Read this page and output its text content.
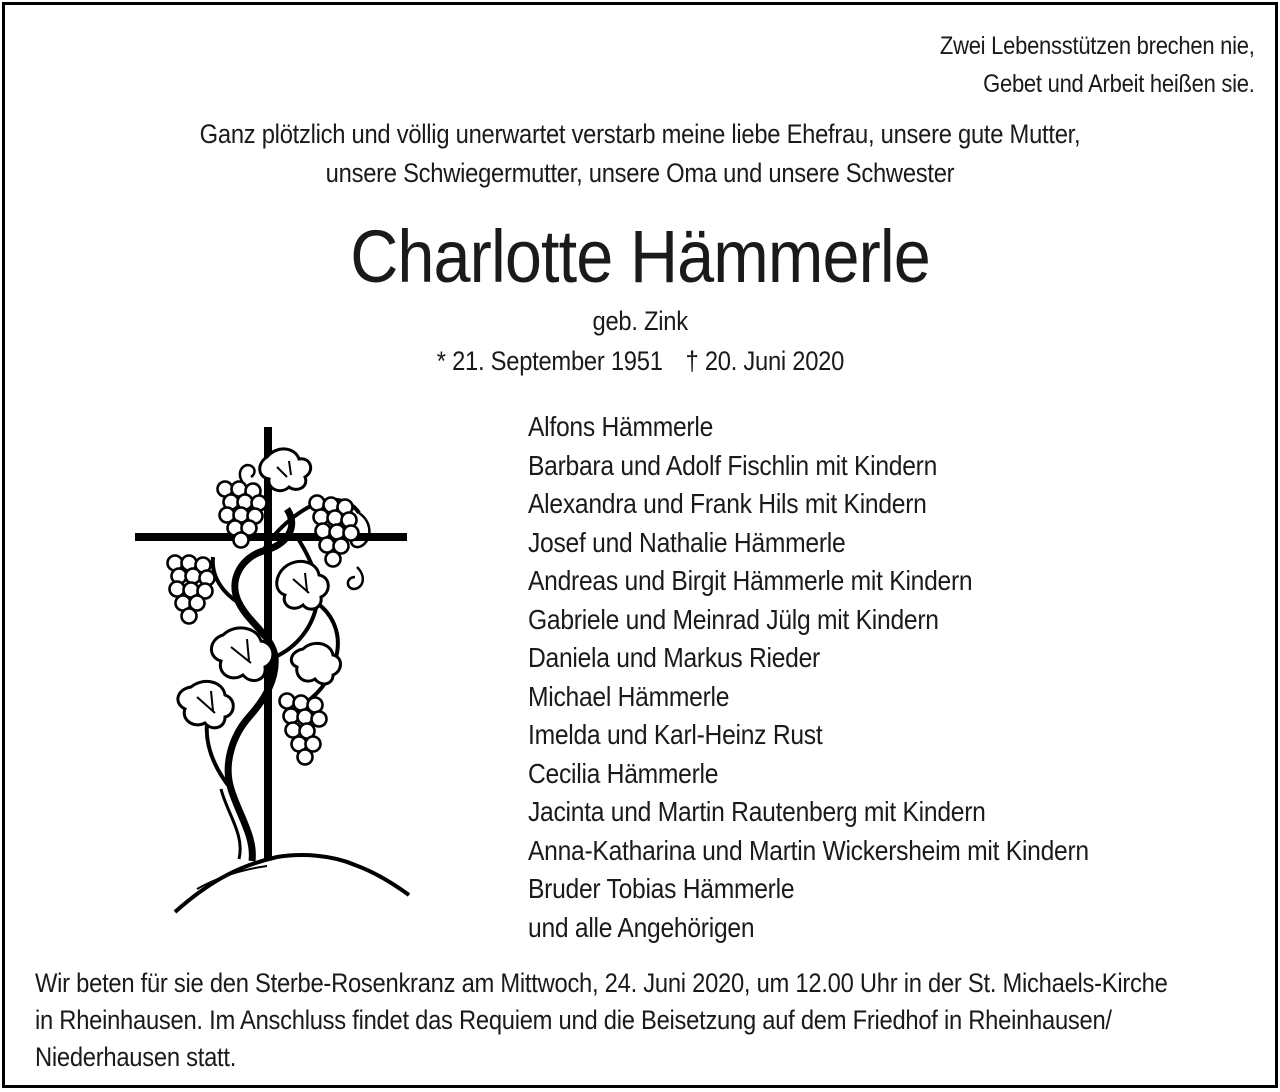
Zwei Lebensstützen brechen nie,
Gebet und Arbeit heißen sie.
Ganz plötzlich und völlig unerwartet verstarb meine liebe Ehefrau, unsere gute Mutter,
unsere Schwiegermutter, unsere Oma und unsere Schwester
Charlotte Hämmerle
geb. Zink
* 21. September 1951 † 20. Juni 2020
Alfons Hämmerle
Barbara und Adolf Fischlin mit Kindern
Alexandra und Frank Hils mit Kindern
Josef und Nathalie Hämmerle
Andreas und Birgit Hämmerle mit Kindern
Gabriele und Meinrad Jülg mit Kindern
Daniela und Markus Rieder
Michael Hämmerle
Imelda und Karl-Heinz Rust
Cecilia Hämmerle
Jacinta und Martin Rautenberg mit Kindern
Anna-Katharina und Martin Wickersheim mit Kindern
Bruder Tobias Hämmerle
und alle Angehörigen
Wir beten für sie den Sterbe-Rosenkranz am Mittwoch, 24. Juni 2020, um 12.00 Uhr in der St. Michaels-Kirche
in Rheinhausen. Im Anschluss findet das Requiem und die Beisetzung auf dem Friedhof in Rheinhausen/
Niederhausen statt.
